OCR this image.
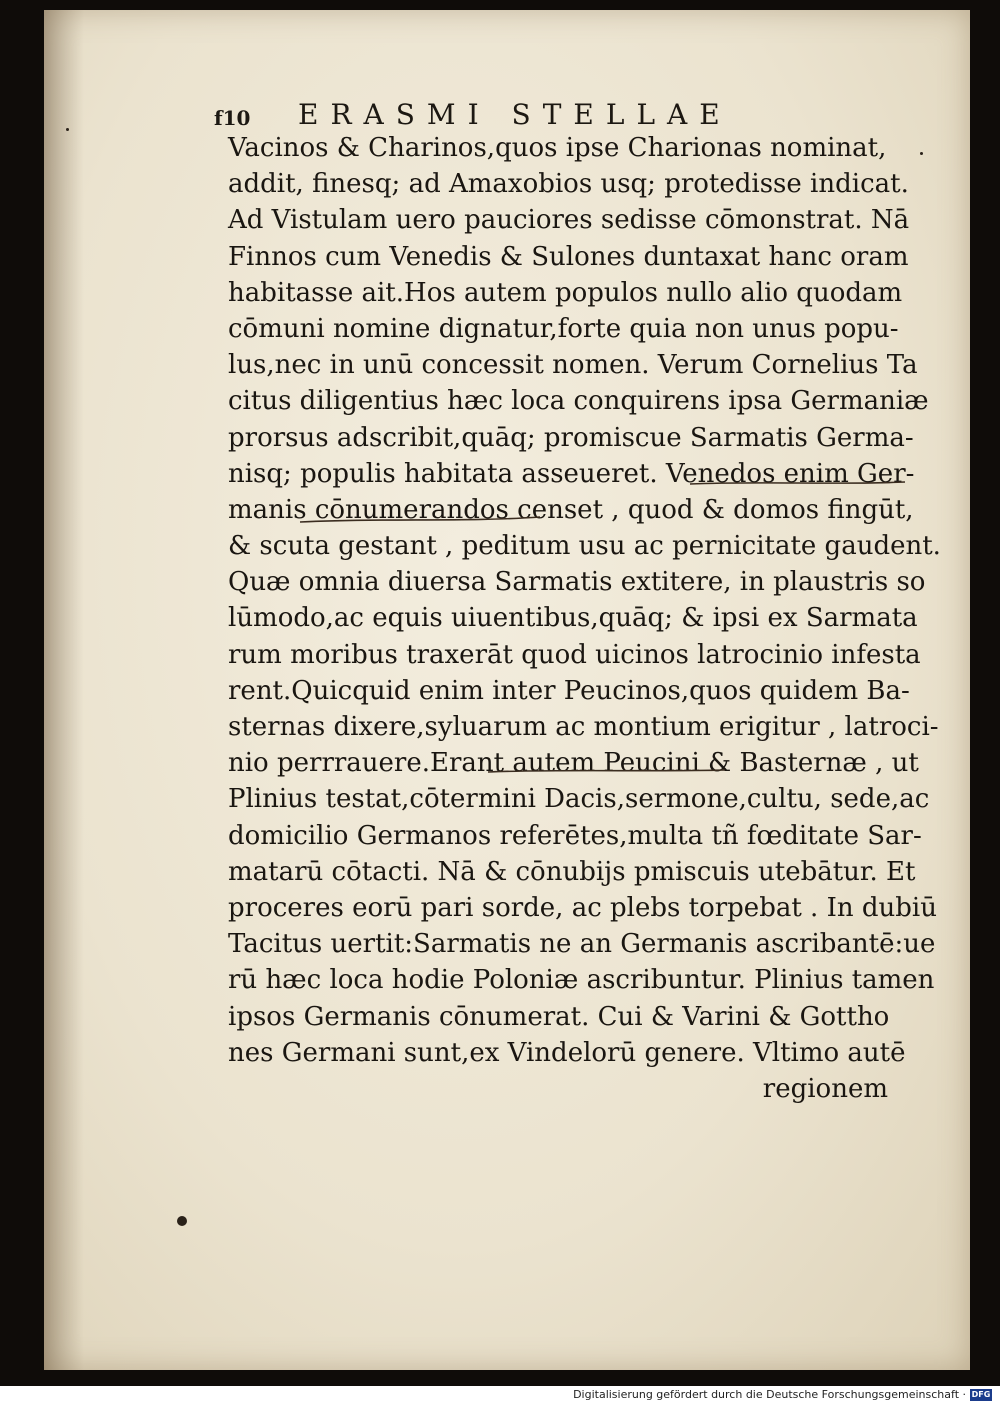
f10 ERASMI STELLAE
Vacinos & Charinos,quos ipse Charionas nominat,
addit, finesq; ad Amaxobios usq; protedisse indicat.
Ad Vistulam uero pauciores sedisse cōmonstrat. Nā
Finnos cum Venedis & Sulones duntaxat hanc oram
habitasse ait.Hos autem populos nullo alio quodam
cōmuni nomine dignatur,forte quia non unus popu-
lus,nec in unū concessit nomen. Verum Cornelius Ta
citus diligentius hæc loca conquirens ipsa Germaniæ
prorsus adscribit,quāq; promiscue Sarmatis Germa-
nisq; populis habitata asseueret. Venedos enim Ger-
manis cōnumerandos censet , quod & domos fingūt,
& scuta gestant , peditum usu ac pernicitate gaudent.
Quæ omnia diuersa Sarmatis extitere, in plaustris so
lūmodo,ac equis uiuentibus,quāq; & ipsi ex Sarmata
rum moribus traxerāt quod uicinos latrocinio infesta
rent.Quicquid enim inter Peucinos,quos quidem Ba-
sternas dixere,syluarum ac montium erigitur , latroci-
nio perrrauere.Erant autem Peucini & Basternæ , ut
Plinius testat,cōtermini Dacis,sermone,cultu, sede,ac
domicilio Germanos referētes,multa tñ fœditate Sar-
matarū cōtacti. Nā & cōnubijs pmiscuis utebātur. Et
proceres eorū pari sorde, ac plebs torpebat . In dubiū
Tacitus uertit:Sarmatis ne an Germanis ascribantē:ue
rū hæc loca hodie Poloniæ ascribuntur. Plinius tamen
ipsos Germanis cōnumerat. Cui & Varini & Gottho
nes Germani sunt,ex Vindelorū genere. Vltimo autē
regionem
Digitalisierung gefördert durch die Deutsche Forschungsgemeinschaft · DFG
